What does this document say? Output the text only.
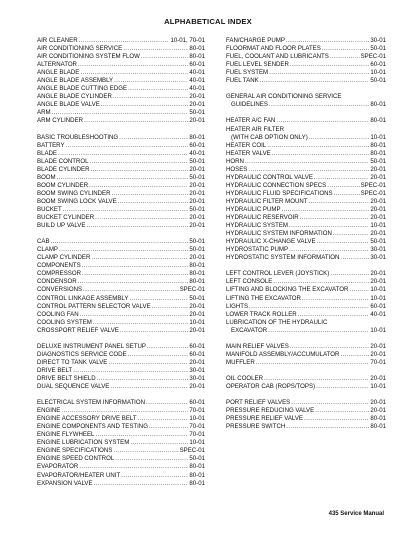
ALPHABETICAL INDEX
AIR CLEANER .....	10-01, 70-01
AIR CONDITIONING SERVICE .....	80-01
AIR CONDITIONING SYSTEM FLOW .....	80-01
ALTERNATOR .....	60-01
ANGLE BLADE .....	40-01
ANGLE BLADE ASSEMBLY .....	40-01
ANGLE BLADE CUTTING EDGE .....	40-01
ANGLE BLADE CYLINDER .....	20-01
ANGLE BLADE VALVE .....	20-01
ARM .....	50-01
ARM CYLINDER .....	20-01
BASIC TROUBLESHOOTING .....	80-01
BATTERY .....	60-01
BLADE .....	40-01
BLADE CONTROL .....	50-01
BLADE CYLINDER .....	20-01
BOOM .....	50-01
BOOM CYLINDER .....	20-01
BOOM SWING CYLINDER .....	20-01
BOOM SWING LOCK VALVE .....	20-01
BUCKET .....	50-01
BUCKET CYLINDER .....	20-01
BUILD UP VALVE .....	20-01
CAB .....	50-01
CLAMP .....	50-01
CLAMP CYLINDER .....	20-01
COMPONENTS .....	80-01
COMPRESSOR .....	80-01
CONDENSOR .....	80-01
CONVERSIONS .....	SPEC-01
CONTROL LINKAGE ASSEMBLY .....	50-01
CONTROL PATTERN SELECTOR VALVE .....	20-01
COOLING FAN .....	20-01
COOLING SYSTEM .....	10-01
CROSSPORT RELIEF VALVE .....	20-01
DELUXE INSTRUMENT PANEL SETUP .....	60-01
DIAGNOSTICS SERVICE CODE .....	60-01
DIRECT TO TANK VALVE .....	20-01
DRIVE BELT .....	30-01
DRIVE BELT SHIELD .....	30-01
DUAL SEQUENCE VALVE .....	20-01
ELECTRICAL SYSTEM INFORMATION .....	60-01
ENGINE .....	70-01
ENGINE ACCESSORY DRIVE BELT .....	10-01
ENGINE COMPONENTS AND TESTING .....	70-01
ENGINE FLYWHEEL .....	70-01
ENGINE LUBRICATION SYSTEM .....	10-01
ENGINE SPECIFICATIONS .....	SPEC-01
ENGINE SPEED CONTROL .....	50-01
EVAPORATOR .....	80-01
EVAPORATOR/HEATER UNIT .....	80-01
EXPANSION VALVE .....	80-01
FAN/CHARGE PUMP .....	30-01
FLOORMAT AND FLOOR PLATES .....	50-01
FUEL, COOLANT AND LUBRICANTS .....	SPEC-01
FUEL LEVEL SENDER .....	60-01
FUEL SYSTEM .....	10-01
FUEL TANK .....	50-01
GENERAL AIR CONDITIONING SERVICE
GUIDELINES .....	80-01
HEATER A/C FAN .....	80-01
HEATER AIR FILTER
(WITH CAB OPTION ONLY) .....	10-01
HEATER COIL .....	80-01
HEATER VALVE .....	80-01
HORN .....	50-01
HOSES .....	20-01
HYDRAULIC CONTROL VALVE .....	20-01
HYDRAULIC CONNECTION SPECS .....	SPEC-01
HYDRAULIC FLUID SPECIFICATIONS .....	SPEC-01
HYDRAULIC FILTER MOUNT .....	20-01
HYDRAULIC PUMP .....	20-01
HYDRAULIC RESERVOIR .....	20-01
HYDRAULIC SYSTEM .....	10-01
HYDRAULIC SYSTEM INFORMATION .....	20-01
HYDRAULIC X-CHANGE VALVE .....	50-01
HYDROSTATIC PUMP .....	30-01
HYDROSTATIC SYSTEM INFORMATION .....	30-01
LEFT CONTROL LEVER (JOYSTICK) .....	20-01
LEFT CONSOLE .....	20-01
LIFTING AND BLOCKING THE EXCAVATOR .....	10-01
LIFTING THE EXCAVATOR .....	10-01
LIGHTS .....	60-01
LOWER TRACK ROLLER .....	40-01
LUBRICATION OF THE HYDRAULIC
EXCAVATOR .....	10-01
MAIN RELIEF VALVES .....	20-01
MANIFOLD ASSEMBLY/ACCUMULATOR .....	20-01
MUFFLER .....	70-01
OIL COOLER .....	20-01
OPERATOR CAB (ROPS/TOPS) .....	10-01
PORT RELIEF VALVES .....	20-01
PRESSURE REDUCING VALVE .....	20-01
PRESSURE RELIEF VALVE .....	80-01
PRESSURE SWITCH .....	80-01
435 Service Manual
